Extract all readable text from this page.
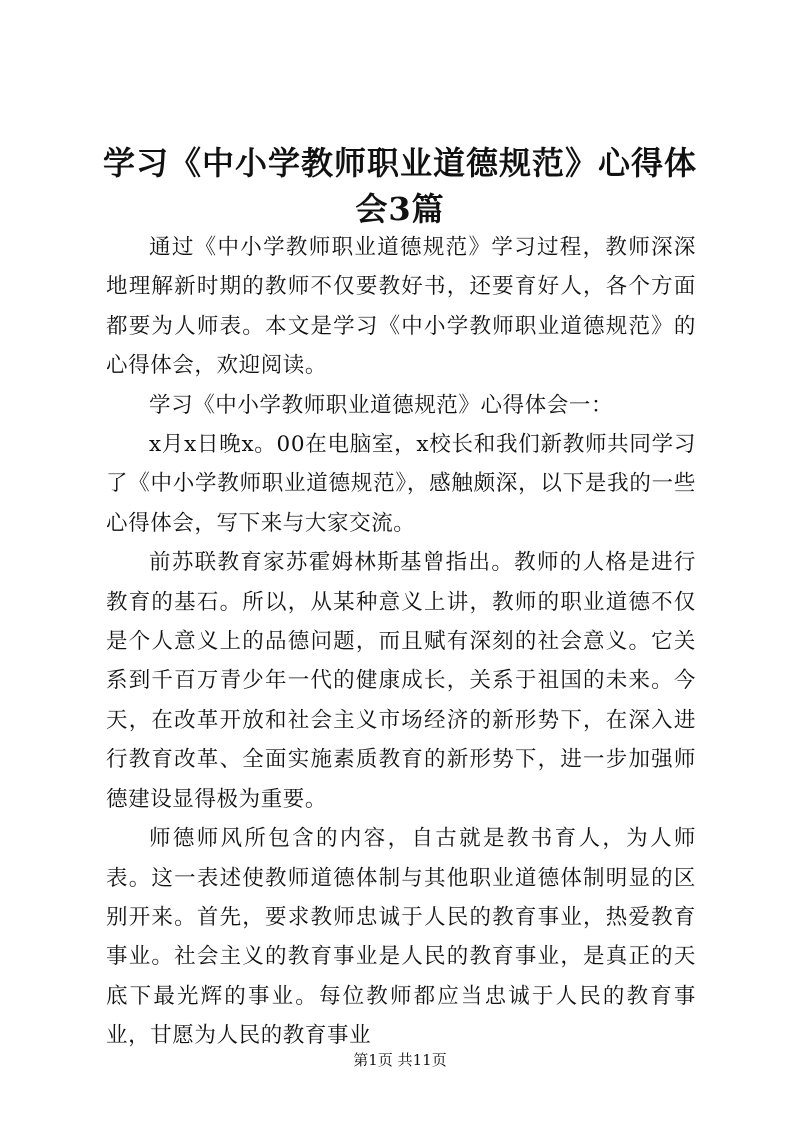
学习《中小学教师职业道德规范》心得体会3篇

通过《中小学教师职业道德规范》学习过程，教师深深地理解新时期的教师不仅要教好书，还要育好人，各个方面都要为人师表。本文是学习《中小学教师职业道德规范》的心得体会，欢迎阅读。

学习《中小学教师职业道德规范》心得体会一：

x月x日晚x。00在电脑室，x校长和我们新教师共同学习了《中小学教师职业道德规范》，感触颇深，以下是我的一些心得体会，写下来与大家交流。

前苏联教育家苏霍姆林斯基曾指出。教师的人格是进行教育的基石。所以，从某种意义上讲，教师的职业道德不仅是个人意义上的品德问题，而且赋有深刻的社会意义。它关系到千百万青少年一代的健康成长，关系于祖国的未来。今天，在改革开放和社会主义市场经济的新形势下，在深入进行教育改革、全面实施素质教育的新形势下，进一步加强师德建设显得极为重要。

师德师风所包含的内容，自古就是教书育人，为人师表。这一表述使教师道德体制与其他职业道德体制明显的区别开来。首先，要求教师忠诚于人民的教育事业，热爱教育事业。社会主义的教育事业是人民的教育事业，是真正的天底下最光辉的事业。每位教师都应当忠诚于人民的教育事业，甘愿为人民的教育事业

第1页 共11页
